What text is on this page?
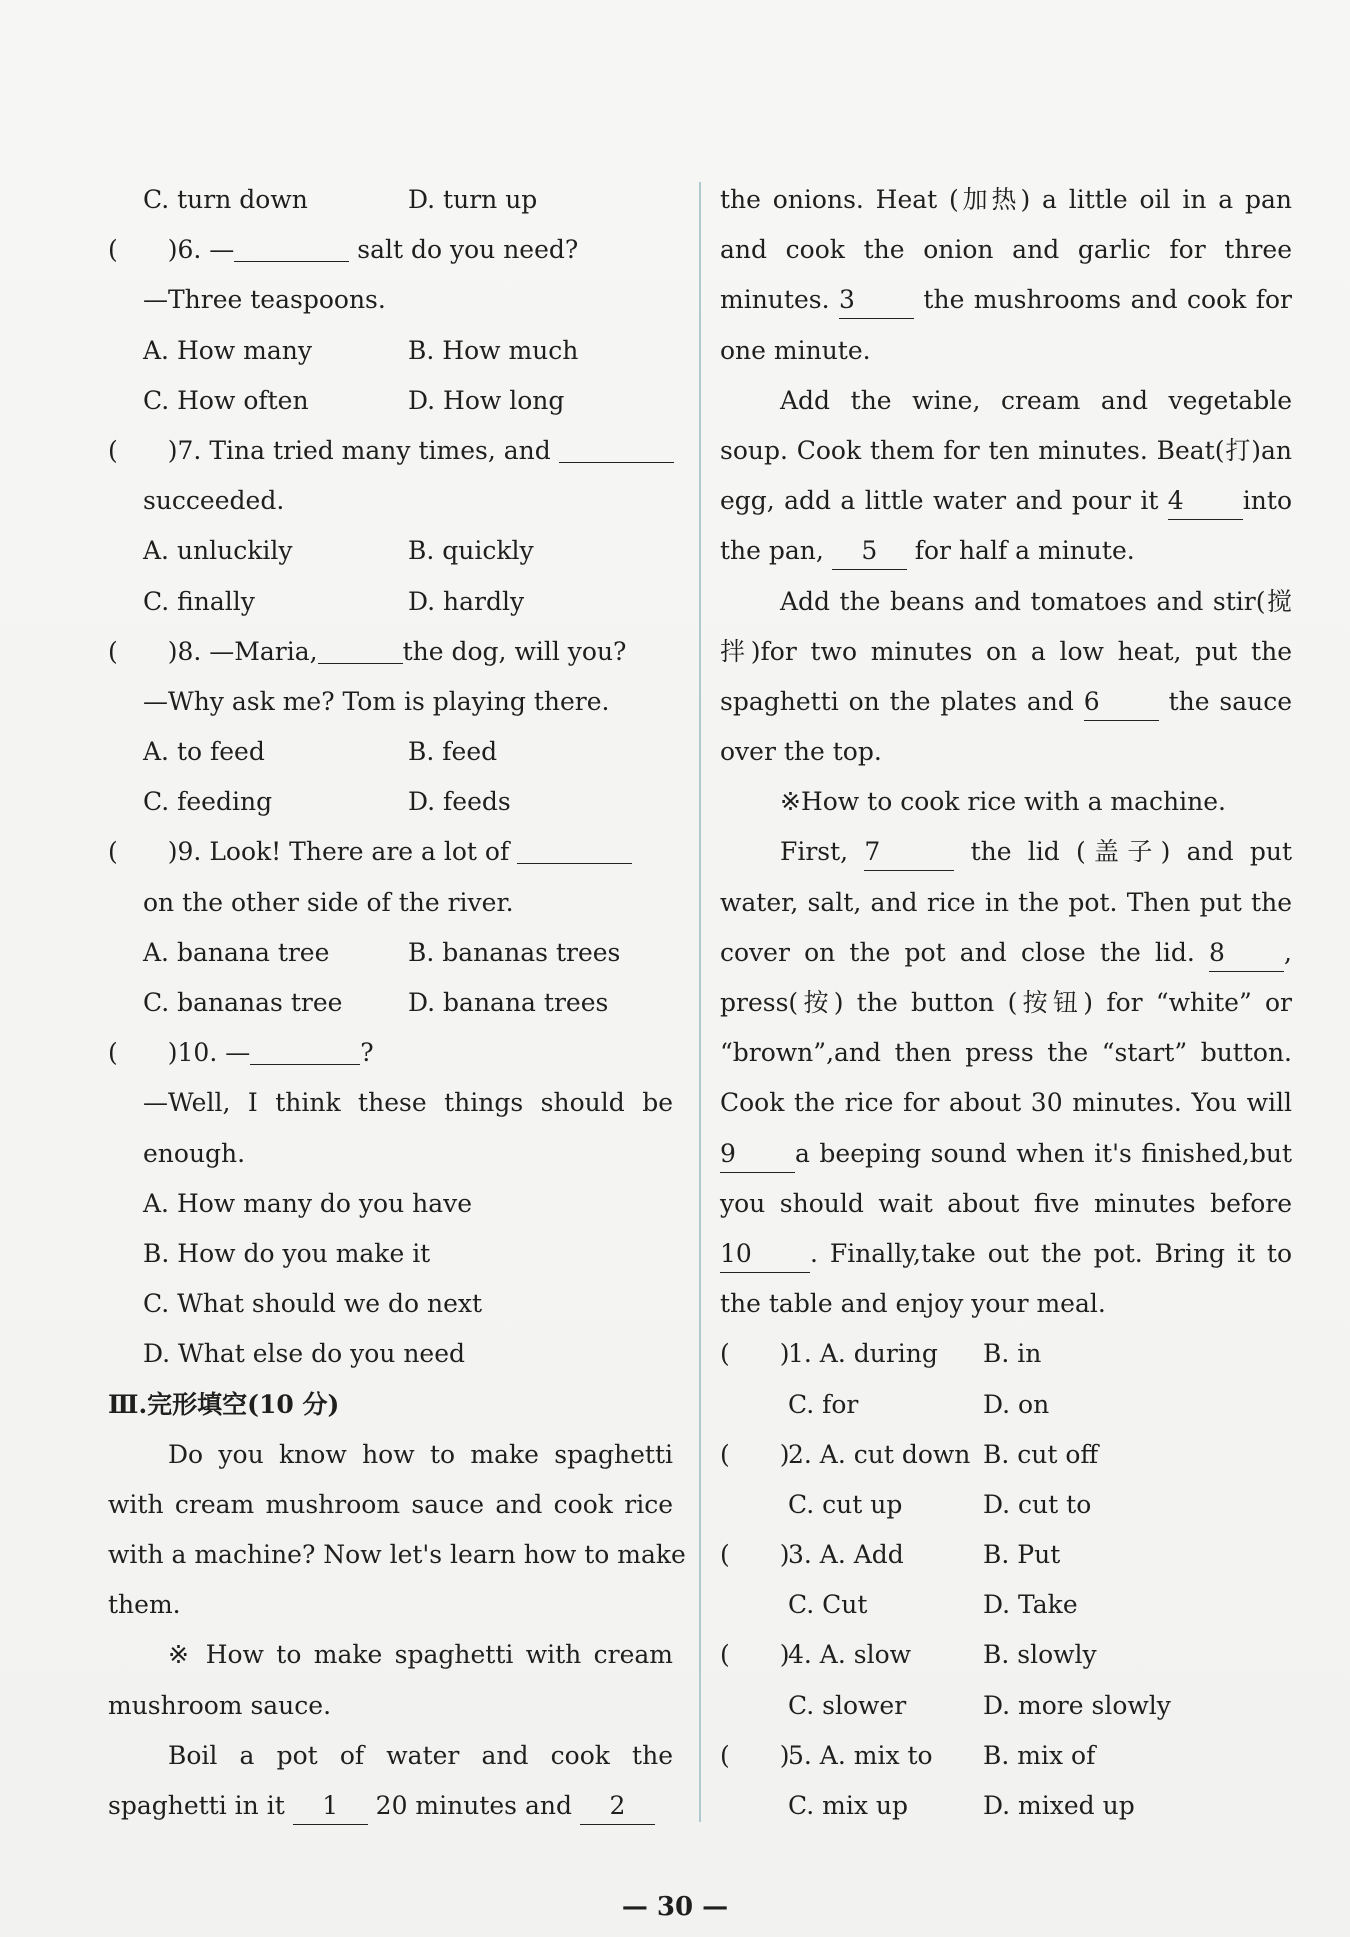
C. turn down	D. turn up
(　　)6. —	salt do you need?
—Three teaspoons.
A. How many	B. How much
C. How often	D. How long
(　　)7. Tina tried many times, and
succeeded.
A. unluckily	B. quickly
C. finally	D. hardly
(　　)8. —Maria,	the dog, will you?
—Why ask me? Tom is playing there.
A. to feed	B. feed
C. feeding	D. feeds
(　　)9. Look! There are a lot of
on the other side of the river.
A. banana tree	B. bananas trees
C. bananas tree	D. banana trees
(　　)10. —	?
—Well, I think these things should be
enough.
A. How many do you have
B. How do you make it
C. What should we do next
D. What else do you need
Ⅲ.完形填空(10 分)
Do you know how to make spaghetti
with cream mushroom sauce and cook rice
with a machine? Now let's learn how to make
them.
※ How to make spaghetti with cream
mushroom sauce.
Boil a pot of water and cook the
spaghetti in it 1 20 minutes and 2
the onions. Heat (加热) a little oil in a pan
and cook the onion and garlic for three
minutes. 3 the mushrooms and cook for
one minute.
Add the wine, cream and vegetable
soup. Cook them for ten minutes. Beat(打)an
egg, add a little water and pour it 4 into
the pan, 5 for half a minute.
Add the beans and tomatoes and stir(搅
拌)for two minutes on a low heat, put the
spaghetti on the plates and 6 the sauce
over the top.
※How to cook rice with a machine.
First, 7	the lid (盖子) and put
water, salt, and rice in the pot. Then put the
cover on the pot and close the lid. 8 ,
press(按) the button (按钮) for “white” or
“brown”,and then press the “start” button.
Cook the rice for about 30 minutes. You will
9 a beeping sound when it's finished,but
you should wait about five minutes before
10 . Finally,take out the pot. Bring it to
the table and enjoy your meal.
(　　)
1. A. during	B. in
C. for	D. on
(　　)
2. A. cut down B. cut off
C. cut up	D. cut to
(　　)
3. A. Add	B. Put
C. Cut	D. Take
(　　)
4. A. slow	B. slowly
C. slower	D. more slowly
(　　)
5. A. mix to	B. mix of
C. mix up	D. mixed up
— 30 —
